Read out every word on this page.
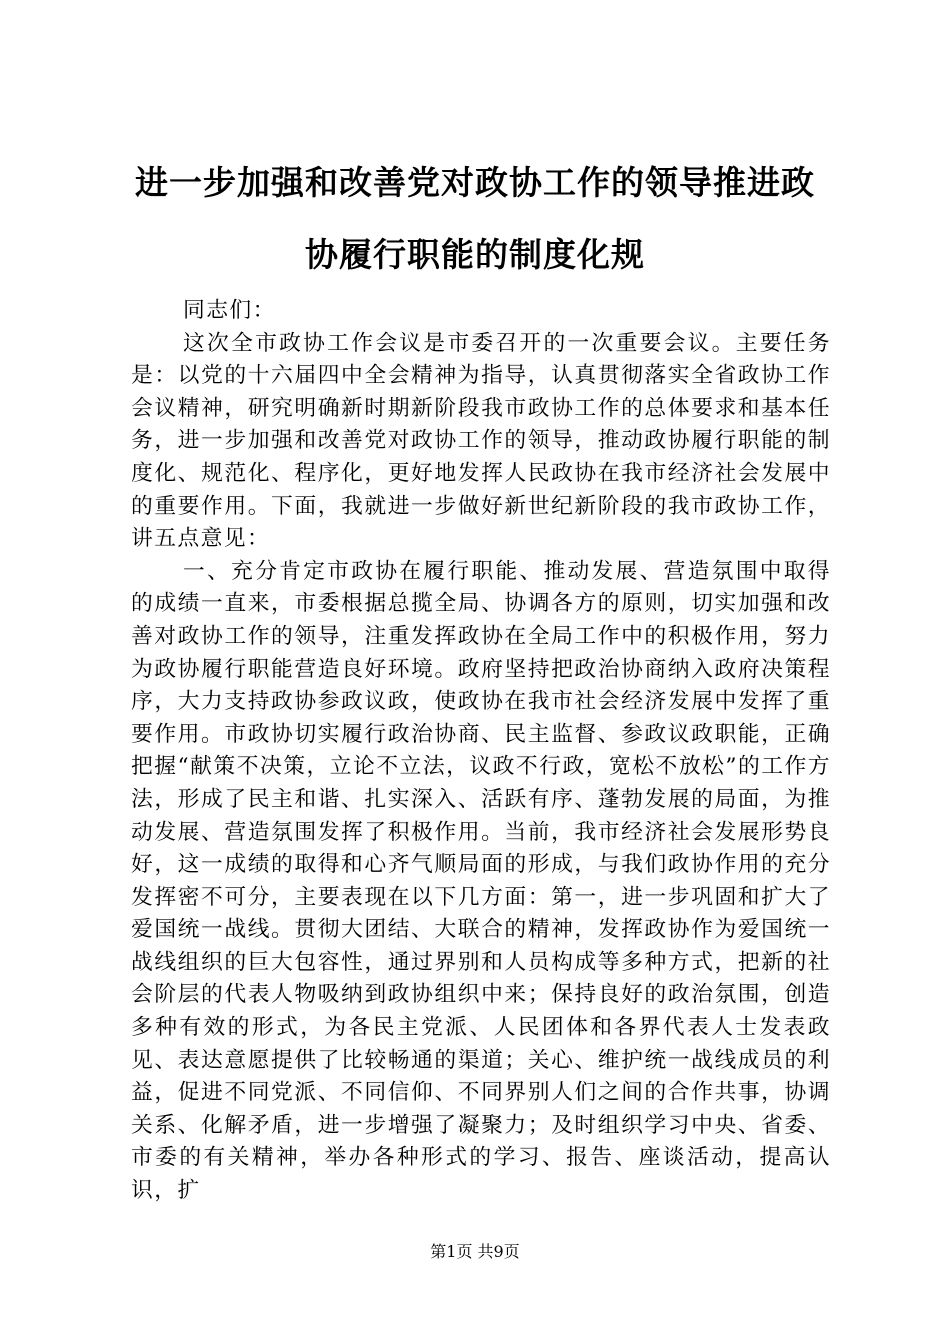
进一步加强和改善党对政协工作的领导推进政
协履行职能的制度化规

同志们：

这次全市政协工作会议是市委召开的一次重要会议。主要任务是：以党的十六届四中全会精神为指导，认真贯彻落实全省政协工作会议精神，研究明确新时期新阶段我市政协工作的总体要求和基本任务，进一步加强和改善党对政协工作的领导，推动政协履行职能的制度化、规范化、程序化，更好地发挥人民政协在我市经济社会发展中的重要作用。下面，我就进一步做好新世纪新阶段的我市政协工作，讲五点意见：

一、充分肯定市政协在履行职能、推动发展、营造氛围中取得的成绩一直来，市委根据总揽全局、协调各方的原则，切实加强和改善对政协工作的领导，注重发挥政协在全局工作中的积极作用，努力为政协履行职能营造良好环境。政府坚持把政治协商纳入政府决策程序，大力支持政协参政议政，使政协在我市社会经济发展中发挥了重要作用。市政协切实履行政治协商、民主监督、参政议政职能，正确把握“献策不决策，立论不立法，议政不行政，宽松不放松”的工作方法，形成了民主和谐、扎实深入、活跃有序、蓬勃发展的局面，为推动发展、营造氛围发挥了积极作用。当前，我市经济社会发展形势良好，这一成绩的取得和心齐气顺局面的形成，与我们政协作用的充分发挥密不可分，主要表现在以下几方面：第一，进一步巩固和扩大了爱国统一战线。贯彻大团结、大联合的精神，发挥政协作为爱国统一战线组织的巨大包容性，通过界别和人员构成等多种方式，把新的社会阶层的代表人物吸纳到政协组织中来；保持良好的政治氛围，创造多种有效的形式，为各民主党派、人民团体和各界代表人士发表政见、表达意愿提供了比较畅通的渠道；关心、维护统一战线成员的利益，促进不同党派、不同信仰、不同界别人们之间的合作共事，协调关系、化解矛盾，进一步增强了凝聚力；及时组织学习中央、省委、市委的有关精神，举办各种形式的学习、报告、座谈活动，提高认识，扩

第1页 共9页
